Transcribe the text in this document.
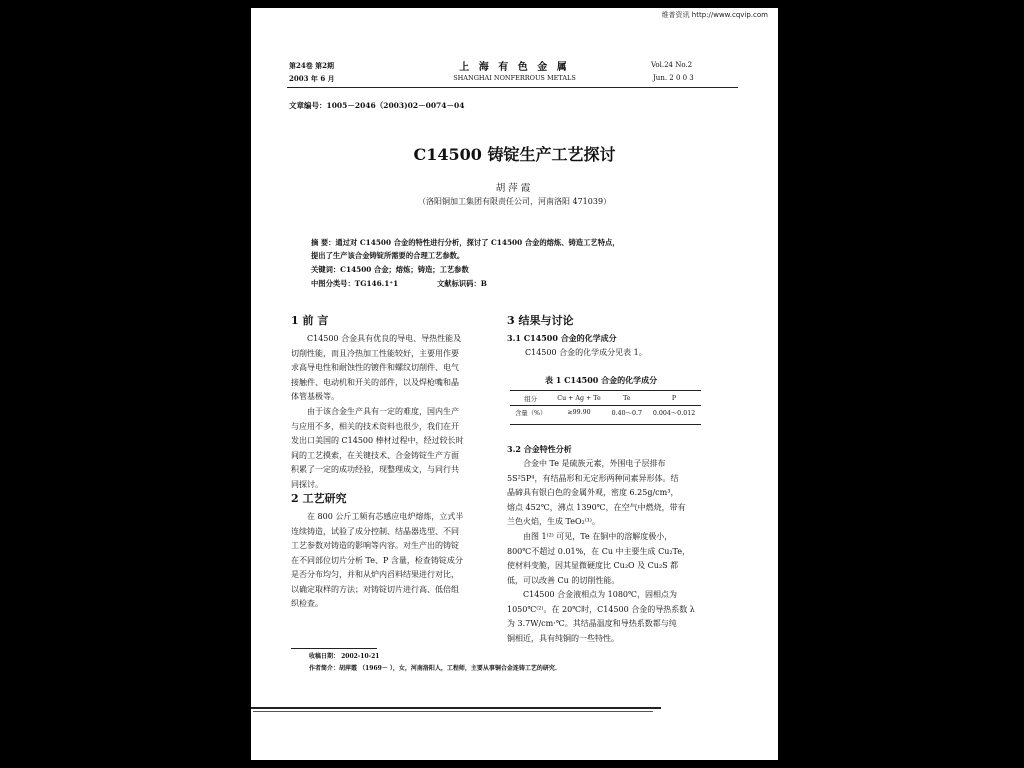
维普资讯 http://www.cqvip.com
第24卷 第2期
2003 年 6 月
上 海 有 色 金 属
SHANGHAI NONFERROUS METALS
Vol.24 No.2
Jun. 2 0 0 3
文章编号：1005－2046（2003)02－0074－04
C14500 铸锭生产工艺探讨
胡萍霞
（洛阳铜加工集团有限责任公司，河南洛阳 471039）
摘 要：通过对 C14500 合金的特性进行分析，探讨了 C14500 合金的熔炼、铸造工艺特点，
提出了生产该合金铸锭所需要的合理工艺参数。
关键词：C14500 合金；熔炼；铸造；工艺参数
中图分类号：TG146.1⁺1	文献标识码：B
1 前 言
C14500 合金具有优良的导电、导热性能及
切削性能，而且冷热加工性能较好，主要用作要
求高导电性和耐蚀性的镀件和螺纹切削件、电气
接触件、电动机和开关的部件，以及焊枪嘴和晶
体管基极等。
由于该合金生产具有一定的难度，国内生产
与应用不多，相关的技术资料也很少，我们在开
发出口美国的 C14500 棒材过程中，经过较长时
间的工艺摸索，在关键技术、合金铸锭生产方面
积累了一定的成功经验，现整理成文，与同行共
同探讨。
2 工艺研究
在 800 公斤工频有芯感应电炉熔炼，立式半
连续铸造，试验了成分控制、结晶器选型、不同
工艺参数对铸造的影响等内容。对生产出的铸锭
在不同部位切片分析 Te、P 含量，检查铸锭成分
是否分布均匀，并和从炉内舀料结果进行对比，
以确定取样的方法；对铸锭切片进行高、低倍组
织检查。
3 结果与讨论
3.1 C14500 合金的化学成分
C14500 合金的化学成分见表 1。
表 1 C14500 合金的化学成分
组分	Cu + Ag + Te	Te	P
含量（%）	≥99.90	0.40～0.7	0.004～0.012
3.2 合金特性分析
合金中 Te 是硫族元素，外围电子层排布
5S²5P⁴，有结晶形和无定形两种同素异形体。结
晶碲具有银白色的金属外观，密度 6.25g/cm³，
熔点 452℃，沸点 1390℃，在空气中燃烧，带有
兰色火焰，生成 TeO₂⁽¹⁾。
由图 1⁽²⁾ 可见，Te 在铜中的溶解度极小，
800℃不超过 0.01%，在 Cu 中主要生成 Cu₂Te，
使材料变脆，因其显微硬度比 Cu₂O 及 Cu₂S 都
低，可以改善 Cu 的切削性能。
C14500 合金液相点为 1080℃，固相点为
1050℃⁽²⁾。在 20℃时，C14500 合金的导热系数 λ
为 3.7W/cm·℃。其结晶温度和导热系数都与纯
铜相近，具有纯铜的一些特性。
收稿日期： 2002-10-21
作者简介：胡萍霞 （1969－ ），女，河南洛阳人，工程师，主要从事铜合金连铸工艺的研究.
